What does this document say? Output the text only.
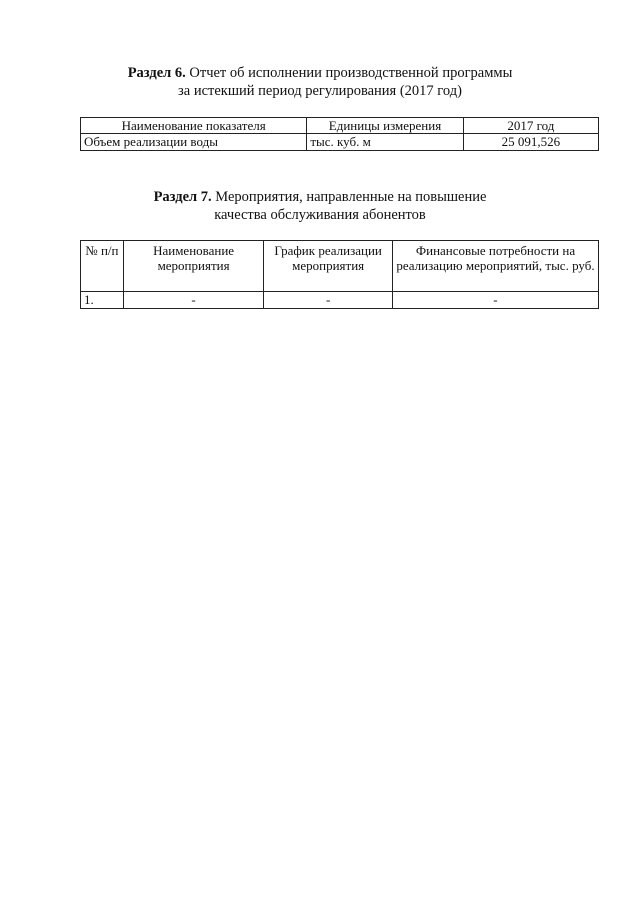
Раздел 6. Отчет об исполнении производственной программы
за истекший период регулирования (2017 год)
Наименование показателя	Единицы измерения	2017 год
Объем реализации воды	тыс. куб. м	25 091,526
Раздел 7. Мероприятия, направленные на повышение
качества обслуживания абонентов
№ п/п	Наименование мероприятия	График реализации мероприятия	Финансовые потребности на реализацию мероприятий, тыс. руб.
1.	-	-	-
